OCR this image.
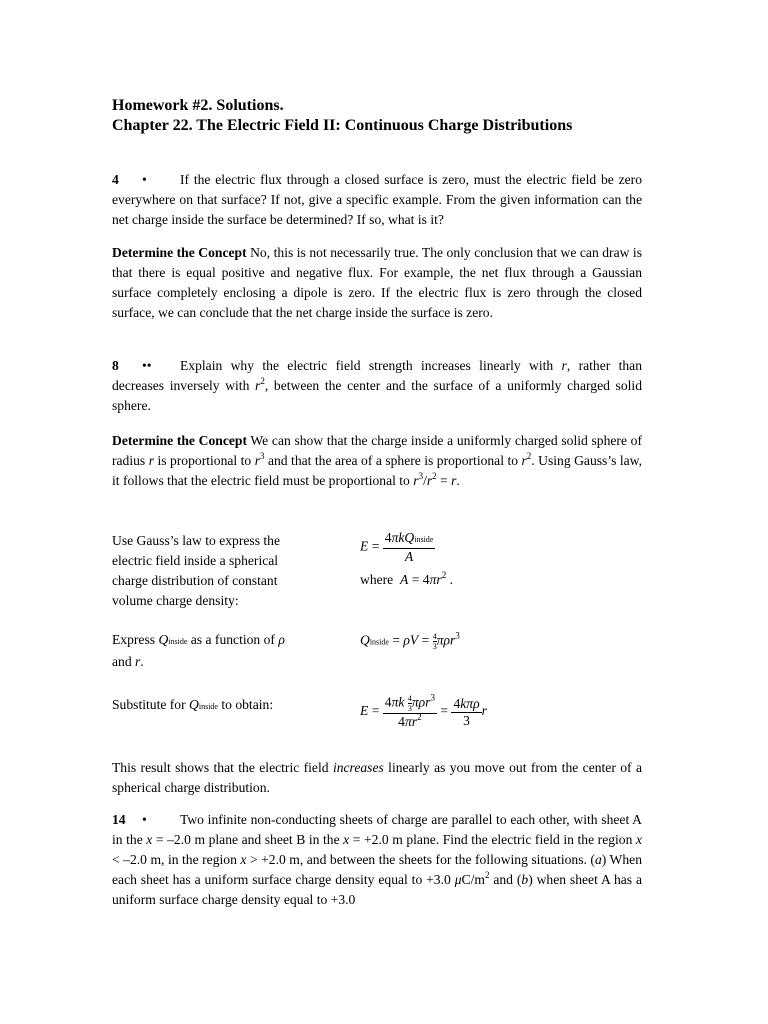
Homework #2. Solutions.
Chapter 22. The Electric Field II: Continuous Charge Distributions

4 • If the electric flux through a closed surface is zero, must the electric field be zero everywhere on that surface? If not, give a specific example. From the given information can the net charge inside the surface be determined? If so, what is it?

Determine the Concept No, this is not necessarily true. The only conclusion that we can draw is that there is equal positive and negative flux. For example, the net flux through a Gaussian surface completely enclosing a dipole is zero. If the electric flux is zero through the closed surface, we can conclude that the net charge inside the surface is zero.

8 •• Explain why the electric field strength increases linearly with r, rather than decreases inversely with $r^2$, between the center and the surface of a uniformly charged solid sphere.

Determine the Concept We can show that the charge inside a uniformly charged solid sphere of radius r is proportional to $r^3$ and that the area of a sphere is proportional to $r^2$. Using Gauss’s law, it follows that the electric field must be proportional to $r^3/r^2 = r$.

Use Gauss’s law to express the electric field inside a spherical charge distribution of constant volume charge density:
$E = \frac{\text{4πkQinside}}{A}$
where $A = 4\pi r^2$ .
Express Qinside as a function of ρ
and r.
Qinside = $\rho V = \frac{4}{3} \pi\rho r^3$
Substitute for Qinside to obtain:	$E = \frac{4\pi k \frac{4}{3} \pi\rho r^3}{4\pi r^2} = \frac{\text{4kπρ}}{3}$ r

This result shows that the electric field increases linearly as you move out from the center of a spherical charge distribution.

14 • Two infinite non-conducting sheets of charge are parallel to each other, with sheet A in the x = –2.0 m plane and sheet B in the x = +2.0 m plane. Find the electric field in the region x < –2.0 m, in the region x > +2.0 m, and between the sheets for the following situations. (a) When each sheet has a uniform surface charge density equal to +3.0 $\mu C/m^2$ and (b) when sheet A has a uniform surface charge density equal to +3.0
